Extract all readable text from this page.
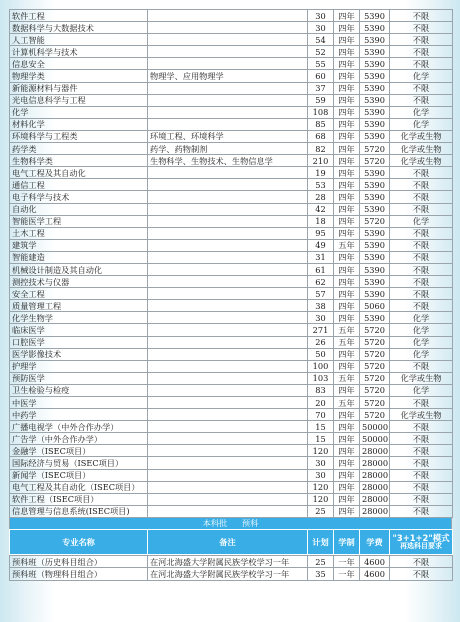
软件工程		30	四年	5390	不限
数据科学与大数据技术		30	四年	5390	不限
人工智能		54	四年	5390	不限
计算机科学与技术		52	四年	5390	不限
信息安全		55	四年	5390	不限
物理学类	物理学、应用物理学	60	四年	5390	化学
新能源材料与器件		37	四年	5390	不限
光电信息科学与工程		59	四年	5390	不限
化学		108	四年	5390	化学
材料化学		85	四年	5390	化学
环境科学与工程类	环境工程、环境科学	68	四年	5390	化学或生物
药学类	药学、药物制剂	82	四年	5720	化学或生物
生物科学类	生物科学、生物技术、生物信息学	210	四年	5720	化学或生物
电气工程及其自动化		19	四年	5390	不限
通信工程		53	四年	5390	不限
电子科学与技术		28	四年	5390	不限
自动化		42	四年	5390	不限
智能医学工程		18	四年	5720	化学
土木工程		95	四年	5390	不限
建筑学		49	五年	5390	不限
智能建造		31	四年	5390	不限
机械设计制造及其自动化		61	四年	5390	不限
测控技术与仪器		62	四年	5390	不限
安全工程		57	四年	5390	不限
质量管理工程		38	四年	5060	不限
化学生物学		30	四年	5390	化学
临床医学		271	五年	5720	化学
口腔医学		26	五年	5720	化学
医学影像技术		50	四年	5720	化学
护理学		100	四年	5720	不限
预防医学		103	五年	5720	化学或生物
卫生检验与检疫		83	四年	5720	化学
中医学		20	五年	5720	不限
中药学		70	四年	5720	化学或生物
广播电视学（中外合作办学）		15	四年	50000	不限
广告学（中外合作办学）		15	四年	50000	不限
金融学（ISEC项目）		120	四年	28000	不限
国际经济与贸易（ISEC项目）		30	四年	28000	不限
新闻学（ISEC项目）		30	四年	28000	不限
电气工程及其自动化（ISEC项目）		120	四年	28000	不限
软件工程（ISEC项目）		120	四年	28000	不限
信息管理与信息系统(ISEC项目)		25	四年	28000	不限
本科批 预科
专业名称	备注	计划	学制	学费	"3+1+2"模式
再选科目要求
预科班（历史科目组合）	在河北海盛大学附属民族学校学习一年	25	一年	4600	不限
预科班（物理科目组合）	在河北海盛大学附属民族学校学习一年	35	一年	4600	不限
